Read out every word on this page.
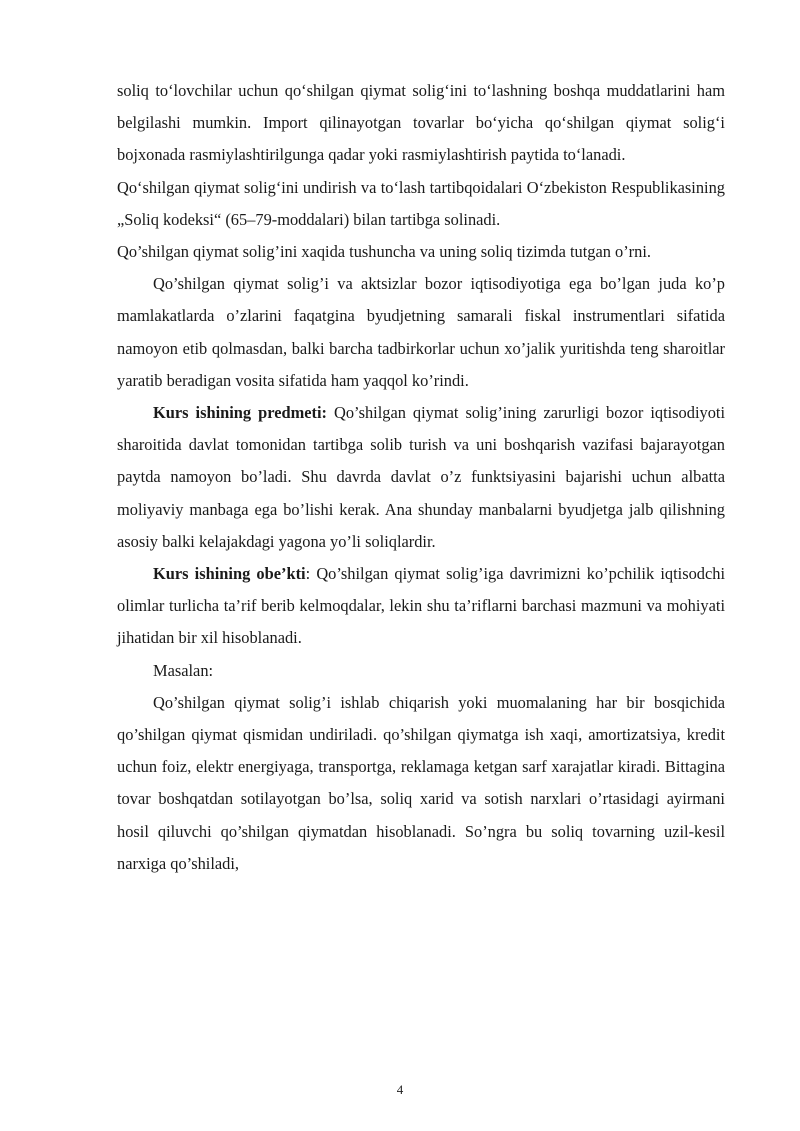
soliq to‘lovchilar uchun qo‘shilgan qiymat solig‘ini to‘lashning boshqa muddatlarini ham belgilashi mumkin. Import qilinayotgan tovarlar bo‘yicha qo‘shilgan qiymat solig‘i bojxonada rasmiylashtirilgunga qadar yoki rasmiylashtirish paytida to‘lanadi.

Qo‘shilgan qiymat solig‘ini undirish va to‘lash tartibqoidalari O‘zbekiston Respublikasining „Soliq kodeksi“ (65–79-moddalari) bilan tartibga solinadi.

Qo’shilgan qiymat solig’ini xaqida tushuncha va uning soliq tizimda tutgan o’rni.

Qo’shilgan qiymat solig’i va aktsizlar bozor iqtisodiyotiga ega bo’lgan juda ko’p mamlakatlarda o’zlarini faqatgina byudjetning samarali fiskal instrumentlari sifatida namoyon etib qolmasdan, balki barcha tadbirkorlar uchun xo’jalik yuritishda teng sharoitlar yaratib beradigan vosita sifatida ham yaqqol ko’rindi.

Kurs ishining predmeti: Qo’shilgan qiymat solig’ining zarurligi bozor iqtisodiyoti sharoitida davlat tomonidan tartibga solib turish va uni boshqarish vazifasi bajarayotgan paytda namoyon bo’ladi. Shu davrda davlat o’z funktsiyasini bajarishi uchun albatta moliyaviy manbaga ega bo’lishi kerak. Ana shunday manbalarni byudjetga jalb qilishning asosiy balki kelajakdagi yagona yo’li soliqlardir.

Kurs ishining obe’kti: Qo’shilgan qiymat solig’iga davrimizni ko’pchilik iqtisodchi olimlar turlicha ta’rif berib kelmoqdalar, lekin shu ta’riflarni barchasi mazmuni va mohiyati jihatidan bir xil hisoblanadi.

Masalan:

Qo’shilgan qiymat solig’i ishlab chiqarish yoki muomalaning har bir bosqichida qo’shilgan qiymat qismidan undiriladi. qo’shilgan qiymatga ish xaqi, amortizatsiya, kredit uchun foiz, elektr energiyaga, transportga, reklamaga ketgan sarf xarajatlar kiradi. Bittagina tovar boshqatdan sotilayotgan bo’lsa, soliq xarid va sotish narxlari o’rtasidagi ayirmani hosil qiluvchi qo’shilgan qiymatdan hisoblanadi. So’ngra bu soliq tovarning uzil-kesil narxiga qo’shiladi,

4
